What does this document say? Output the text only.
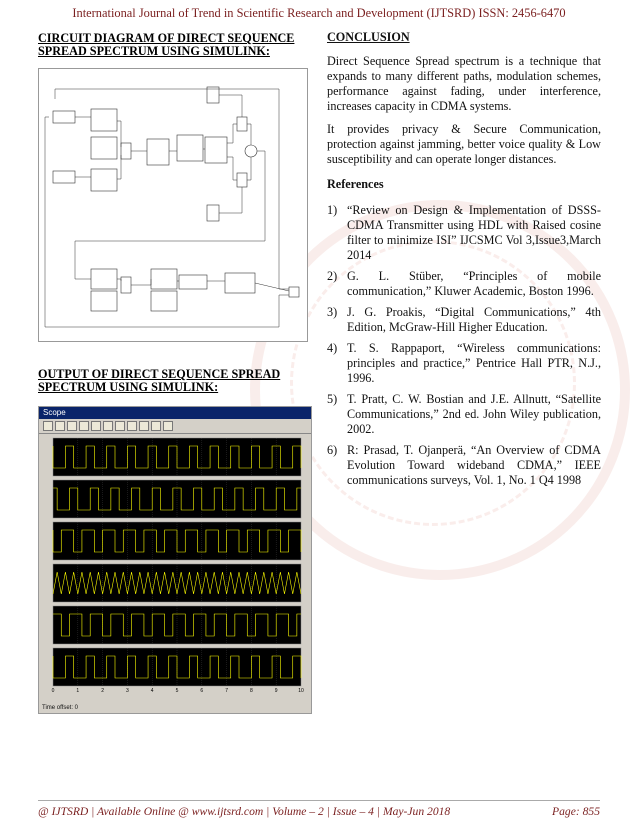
International Journal of Trend in Scientific Research and Development (IJTSRD) ISSN: 2456-6470
CIRCUIT DIAGRAM OF DIRECT SEQUENCE SPREAD SPECTRUM USING SIMULINK:
OUTPUT OF DIRECT SEQUENCE SPREAD SPECTRUM USING SIMULINK:
Scope
0	1	2	3	4	5	6	7	8	9	10
Time offset: 0
CONCLUSION

Direct Sequence Spread spectrum is a technique that expands to many different paths, modulation schemes, performance against fading, under interference, increases capacity in CDMA systems.

It provides privacy & Secure Communication, protection against jamming, better voice quality & Low susceptibility and can operate longer distances.

References
1) “Review on Design & Implementation of DSSS-CDMA Transmitter using HDL with Raised cosine filter to minimize ISI” IJCSMC Vol 3,Issue3,March 2014
2) G. L. Stüber, “Principles of mobile communication,” Kluwer Academic, Boston 1996.
3) J. G. Proakis, “Digital Communications,” 4th Edition, McGraw-Hill Higher Education.
4) T. S. Rappaport, “Wireless communications: principles and practice,” Pentrice Hall PTR, N.J., 1996.
5) T. Pratt, C. W. Bostian and J.E. Allnutt, “Satellite Communications,” 2nd ed. John Wiley publication, 2002.
6) R: Prasad, T. Ojanperä, “An Overview of CDMA Evolution Toward wideband CDMA,” IEEE communications surveys, Vol. 1, No. 1 Q4 1998
@ IJTSRD | Available Online @ www.ijtsrd.com | Volume – 2 | Issue – 4 | May-Jun 2018	Page: 855
